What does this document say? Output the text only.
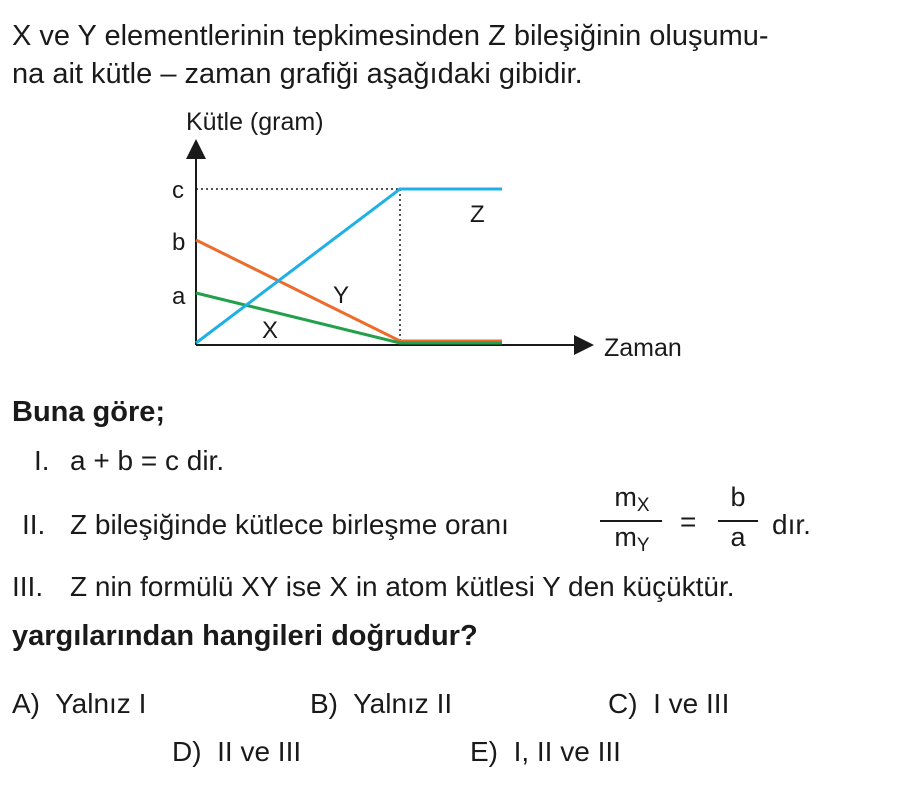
X ve Y elementlerinin tepkimesinden Z bileşiğinin oluşumu-
na ait kütle – zaman grafiği aşağıdaki gibidir.
Kütle (gram)
Zaman
c
b
a
Z
Y
X
Buna göre;
I. a + b = c dir.
II. Z bileşiğinde kütlece birleşme oranı
$m_X$
$m_Y$
=
b
a dır.
III. Z nin formülü XY ise X in atom kütlesi Y den küçüktür.
yargılarından hangileri doğrudur?
A) Yalnız I	B) Yalnız II	C) I ve III
D) II ve III	E) I, II ve III
